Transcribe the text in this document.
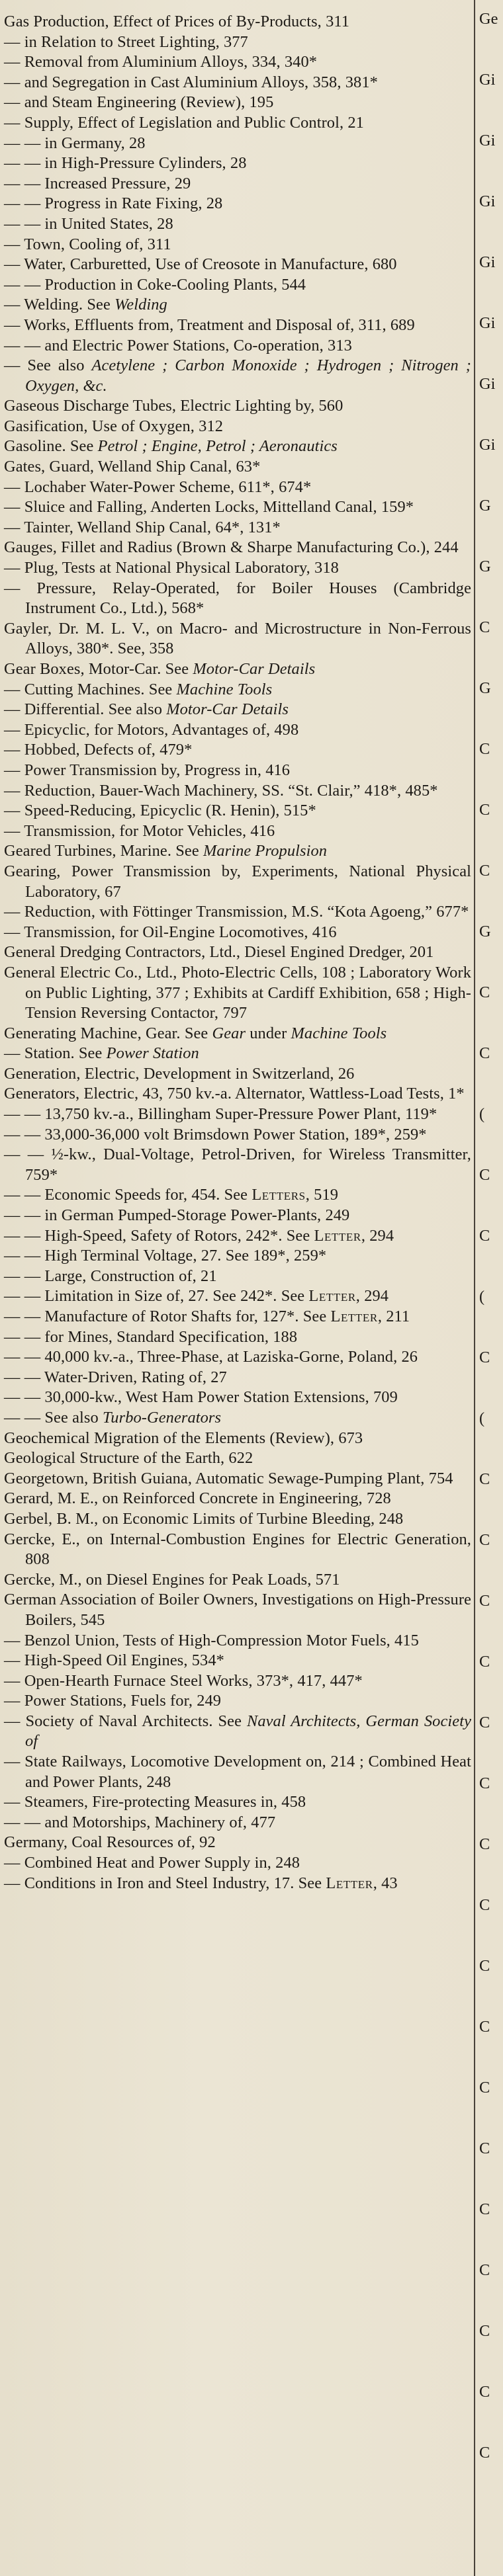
Gas Production, Effect of Prices of By-Products, 311

— in Relation to Street Lighting, 377

— Removal from Aluminium Alloys, 334, 340*

— and Segregation in Cast Aluminium Alloys, 358, 381*

— and Steam Engineering (Review), 195

— Supply, Effect of Legislation and Public Control, 21

— — in Germany, 28

— — in High-Pressure Cylinders, 28

— — Increased Pressure, 29

— — Progress in Rate Fixing, 28

— — in United States, 28

— Town, Cooling of, 311

— Water, Carburetted, Use of Creosote in Manufacture, 680

— — Production in Coke-Cooling Plants, 544

— Welding. See Welding

— Works, Effluents from, Treatment and Disposal of, 311, 689

— — and Electric Power Stations, Co-operation, 313

— See also Acetylene ; Carbon Monoxide ; Hydrogen ; Nitrogen ; Oxygen, &c.

Gaseous Discharge Tubes, Electric Lighting by, 560

Gasification, Use of Oxygen, 312

Gasoline. See Petrol ; Engine, Petrol ; Aeronautics

Gates, Guard, Welland Ship Canal, 63*

— Lochaber Water-Power Scheme, 611*, 674*

— Sluice and Falling, Anderten Locks, Mittelland Canal, 159*

— Tainter, Welland Ship Canal, 64*, 131*

Gauges, Fillet and Radius (Brown & Sharpe Manufacturing Co.), 244

— Plug, Tests at National Physical Laboratory, 318

— Pressure, Relay-Operated, for Boiler Houses (Cambridge Instrument Co., Ltd.), 568*

Gayler, Dr. M. L. V., on Macro- and Microstructure in Non-Ferrous Alloys, 380*. See, 358

Gear Boxes, Motor-Car. See Motor-Car Details

— Cutting Machines. See Machine Tools

— Differential. See also Motor-Car Details

— Epicyclic, for Motors, Advantages of, 498

— Hobbed, Defects of, 479*

— Power Transmission by, Progress in, 416

— Reduction, Bauer-Wach Machinery, SS. “St. Clair,” 418*, 485*

— Speed-Reducing, Epicyclic (R. Henin), 515*

— Transmission, for Motor Vehicles, 416

Geared Turbines, Marine. See Marine Propulsion

Gearing, Power Transmission by, Experiments, National Physical Laboratory, 67

— Reduction, with Föttinger Transmission, M.S. “Kota Agoeng,” 677*

— Transmission, for Oil-Engine Locomotives, 416

General Dredging Contractors, Ltd., Diesel Engined Dredger, 201

General Electric Co., Ltd., Photo-Electric Cells, 108 ; Laboratory Work on Public Lighting, 377 ; Exhibits at Cardiff Exhibition, 658 ; High-Tension Reversing Contactor, 797

Generating Machine, Gear. See Gear under Machine Tools

— Station. See Power Station

Generation, Electric, Development in Switzerland, 26

Generators, Electric, 43, 750 kv.-a. Alternator, Wattless-Load Tests, 1*

— — 13,750 kv.-a., Billingham Super-Pressure Power Plant, 119*

— — 33,000-36,000 volt Brimsdown Power Station, 189*, 259*

— — ½-kw., Dual-Voltage, Petrol-Driven, for Wireless Transmitter, 759*

— — Economic Speeds for, 454. See Letters, 519

— — in German Pumped-Storage Power-Plants, 249

— — High-Speed, Safety of Rotors, 242*. See Letter, 294

— — High Terminal Voltage, 27. See 189*, 259*

— — Large, Construction of, 21

— — Limitation in Size of, 27. See 242*. See Letter, 294

— — Manufacture of Rotor Shafts for, 127*. See Letter, 211

— — for Mines, Standard Specification, 188

— — 40,000 kv.-a., Three-Phase, at Laziska-Gorne, Poland, 26

— — Water-Driven, Rating of, 27

— — 30,000-kw., West Ham Power Station Extensions, 709

— — See also Turbo-Generators

Geochemical Migration of the Elements (Review), 673

Geological Structure of the Earth, 622

Georgetown, British Guiana, Automatic Sewage-Pumping Plant, 754

Gerard, M. E., on Reinforced Concrete in Engineering, 728

Gerbel, B. M., on Economic Limits of Turbine Bleeding, 248

Gercke, E., on Internal-Combustion Engines for Electric Generation, 808

Gercke, M., on Diesel Engines for Peak Loads, 571

German Association of Boiler Owners, Investigations on High-Pressure Boilers, 545

— Benzol Union, Tests of High-Compression Motor Fuels, 415

— High-Speed Oil Engines, 534*

— Open-Hearth Furnace Steel Works, 373*, 417, 447*

— Power Stations, Fuels for, 249

— Society of Naval Architects. See Naval Architects, German Society of

— State Railways, Locomotive Development on, 214 ; Combined Heat and Power Plants, 248

— Steamers, Fire-protecting Measures in, 458

— — and Motorships, Machinery of, 477

Germany, Coal Resources of, 92

— Combined Heat and Power Supply in, 248

— Conditions in Iron and Steel Industry, 17. See Letter, 43

Ge
Gi
Gi
Gi
Gi
Gi
Gi
Gi
G
G
C
G
C
C
C
G
C
C
(
C
C
(
C
(
C
C
C
C
C
C
C
C
C
C
C
C
C
C
C
C
C
